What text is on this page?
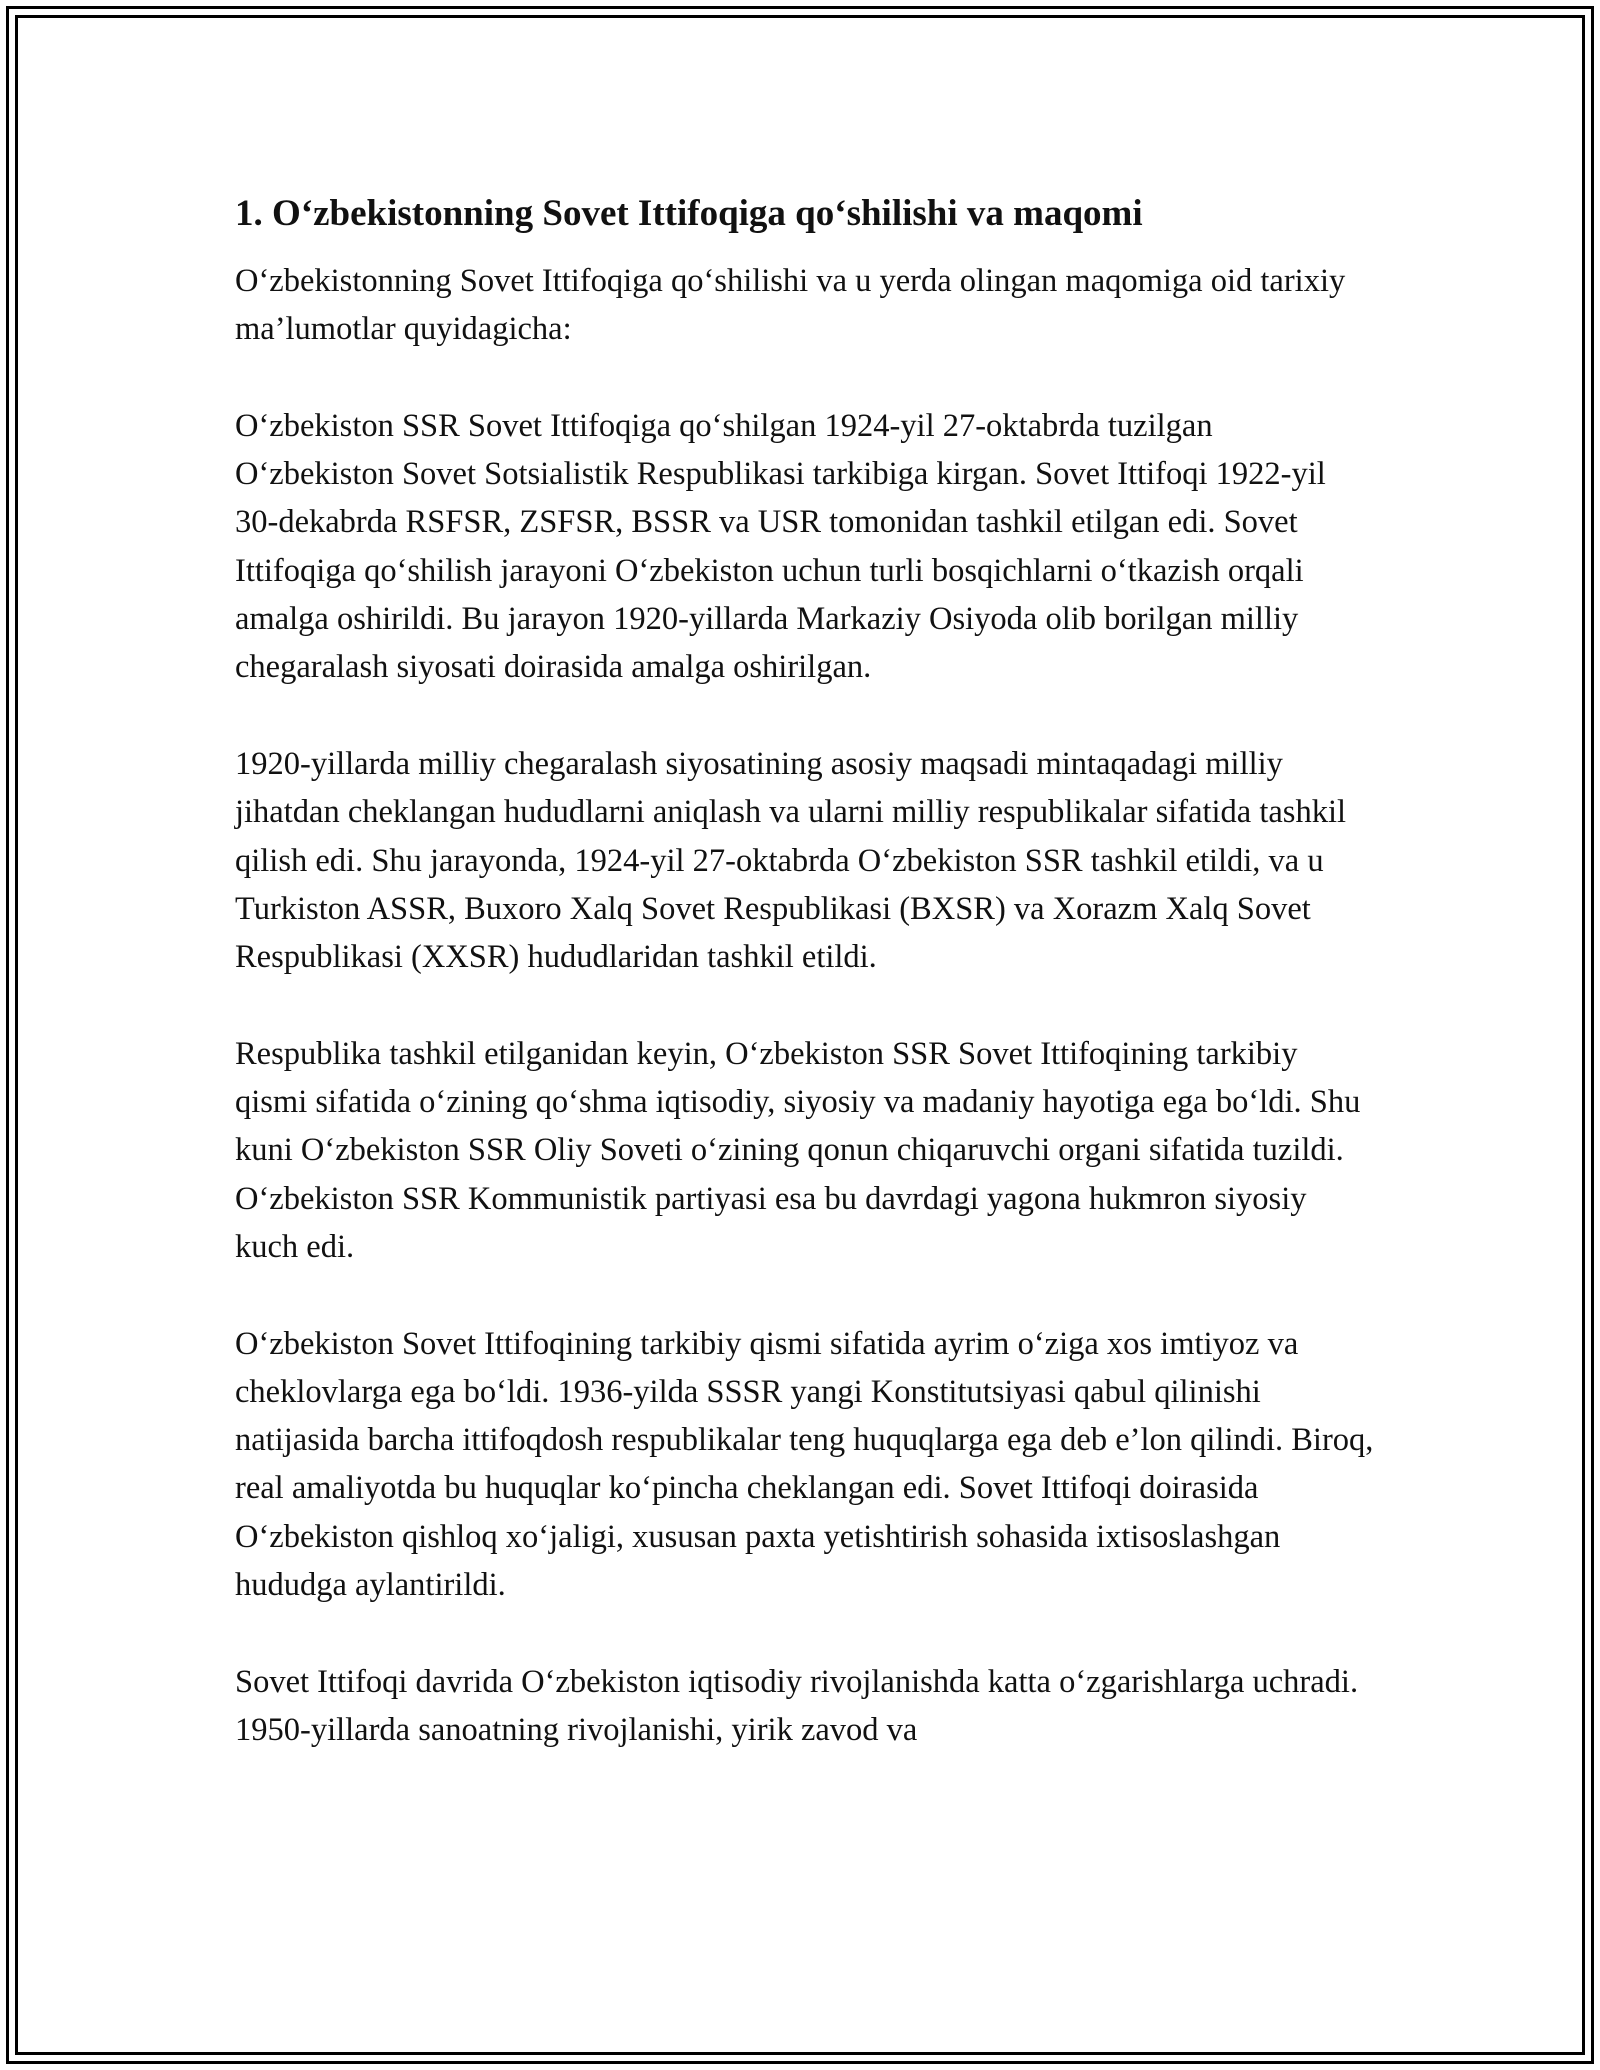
1. O‘zbekistonning Sovet Ittifoqiga qo‘shilishi va maqomi

O‘zbekistonning Sovet Ittifoqiga qo‘shilishi va u yerda olingan maqomiga oid tarixiy ma’lumotlar quyidagicha:

O‘zbekiston SSR Sovet Ittifoqiga qo‘shilgan 1924-yil 27-oktabrda tuzilgan O‘zbekiston Sovet Sotsialistik Respublikasi tarkibiga kirgan. Sovet Ittifoqi 1922-yil 30-dekabrda RSFSR, ZSFSR, BSSR va USR tomonidan tashkil etilgan edi. Sovet Ittifoqiga qo‘shilish jarayoni O‘zbekiston uchun turli bosqichlarni o‘tkazish orqali amalga oshirildi. Bu jarayon 1920-yillarda Markaziy Osiyoda olib borilgan milliy chegaralash siyosati doirasida amalga oshirilgan.

1920-yillarda milliy chegaralash siyosatining asosiy maqsadi mintaqadagi milliy jihatdan cheklangan hududlarni aniqlash va ularni milliy respublikalar sifatida tashkil qilish edi. Shu jarayonda, 1924-yil 27-oktabrda O‘zbekiston SSR tashkil etildi, va u Turkiston ASSR, Buxoro Xalq Sovet Respublikasi (BXSR) va Xorazm Xalq Sovet Respublikasi (XXSR) hududlaridan tashkil etildi.

Respublika tashkil etilganidan keyin, O‘zbekiston SSR Sovet Ittifoqining tarkibiy qismi sifatida o‘zining qo‘shma iqtisodiy, siyosiy va madaniy hayotiga ega bo‘ldi. Shu kuni O‘zbekiston SSR Oliy Soveti o‘zining qonun chiqaruvchi organi sifatida tuzildi. O‘zbekiston SSR Kommunistik partiyasi esa bu davrdagi yagona hukmron siyosiy kuch edi.

O‘zbekiston Sovet Ittifoqining tarkibiy qismi sifatida ayrim o‘ziga xos imtiyoz va cheklovlarga ega bo‘ldi. 1936-yilda SSSR yangi Konstitutsiyasi qabul qilinishi natijasida barcha ittifoqdosh respublikalar teng huquqlarga ega deb e’lon qilindi. Biroq, real amaliyotda bu huquqlar ko‘pincha cheklangan edi. Sovet Ittifoqi doirasida O‘zbekiston qishloq xo‘jaligi, xususan paxta yetishtirish sohasida ixtisoslashgan hududga aylantirildi.

Sovet Ittifoqi davrida O‘zbekiston iqtisodiy rivojlanishda katta o‘zgarishlarga uchradi. 1950-yillarda sanoatning rivojlanishi, yirik zavod va
